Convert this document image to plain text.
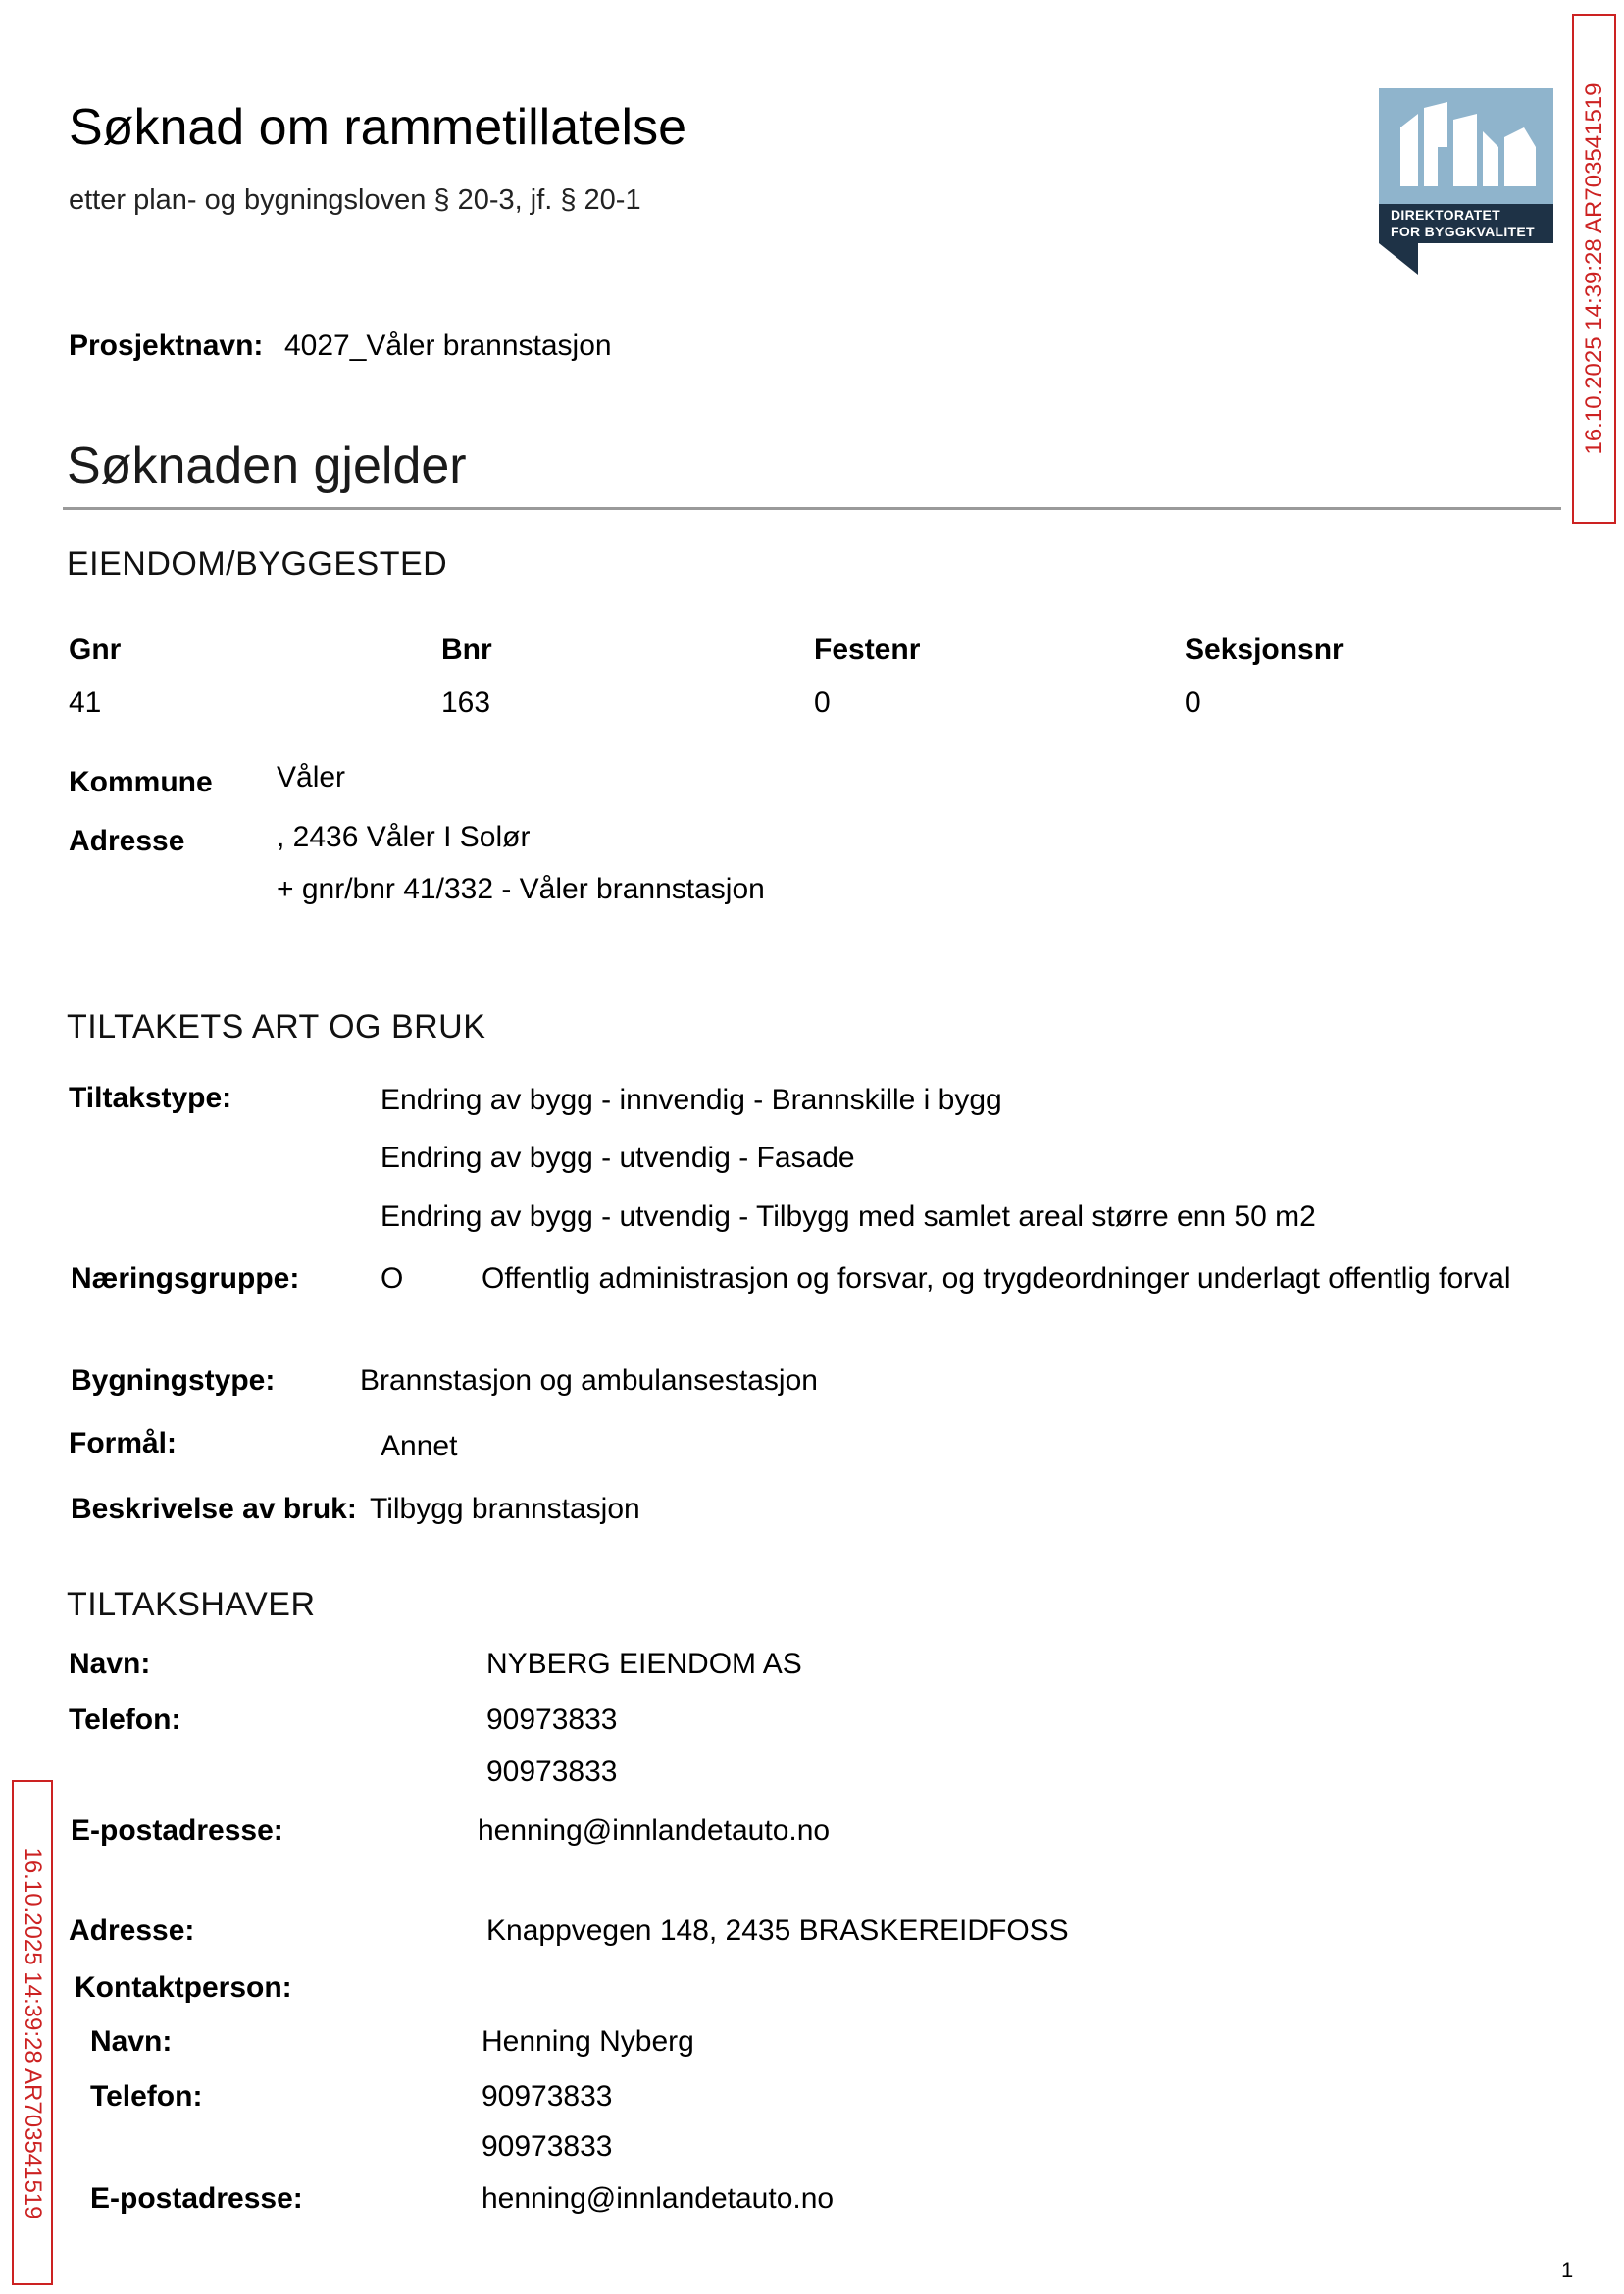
Søknad om rammetillatelse
etter plan- og bygningsloven § 20-3, jf. § 20-1	DIREKTORATET
FOR BYGGKVALITET 16.10.2025 14:39:28 AR703541519
16.10.2025 14:39:28 AR703541519
Prosjektnavn: 4027_Våler brannstasjon
Søknaden gjelder
EIENDOM/BYGGESTED
Gnr	Bnr	Festenr	Seksjonsnr
41	163	0	0
Kommune Våler
Adresse	, 2436 Våler I Solør
+ gnr/bnr 41/332 - Våler brannstasjon
TILTAKETS ART OG BRUK
Tiltakstype:	Endring av bygg - innvendig - Brannskille i bygg
Endring av bygg - utvendig - Fasade
Endring av bygg - utvendig - Tilbygg med samlet areal større enn 50 m2
Næringsgruppe:	O	Offentlig administrasjon og forsvar, og trygdeordninger underlagt offentlig forval
Bygningstype:	Brannstasjon og ambulansestasjon
Formål:	Annet
Beskrivelse av bruk: Tilbygg brannstasjon
TILTAKSHAVER
Navn:	NYBERG EIENDOM AS
Telefon:	90973833
90973833
E-postadresse:	henning@innlandetauto.no
Adresse:	Knappvegen 148, 2435 BRASKEREIDFOSS
Kontaktperson:
Navn:	Henning Nyberg
Telefon:	90973833
90973833
E-postadresse:	henning@innlandetauto.no
1
